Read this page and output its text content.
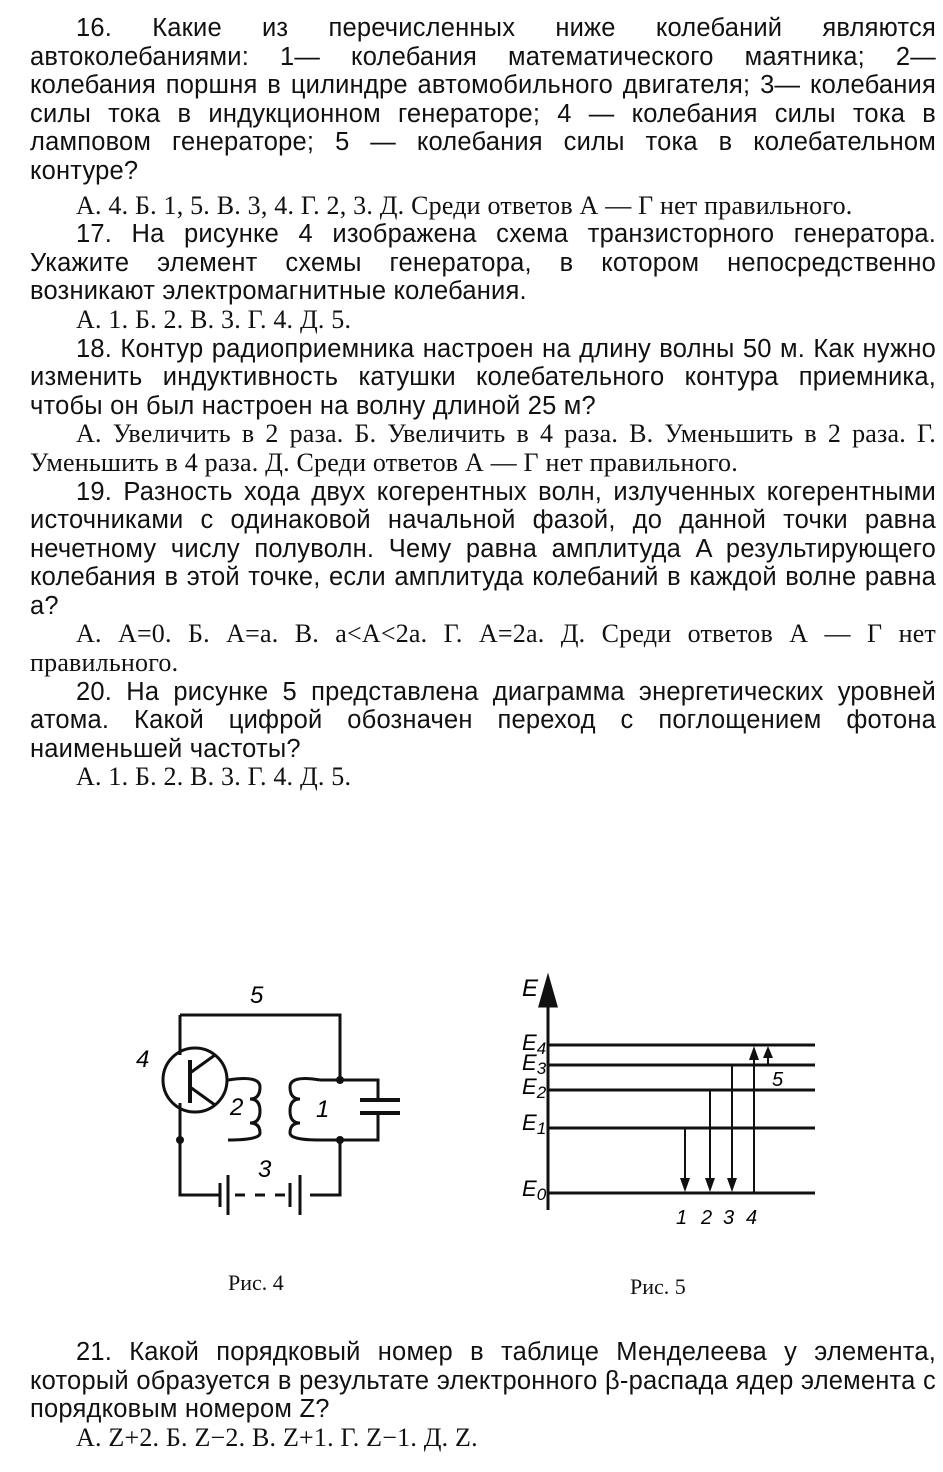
16. Какие из перечисленных ниже колебаний являются автоколебаниями: 1— колебания математического маятника; 2— колебания поршня в цилиндре автомобильного двигателя; 3— колебания силы тока в индукционном генераторе; 4 — колебания силы тока в ламповом генераторе; 5 — колебания силы тока в колебательном контуре?

А. 4. Б. 1, 5. В. 3, 4. Г. 2, 3. Д. Среди ответов А — Г нет правильного.

17. На рисунке 4 изображена схема транзисторного генератора. Укажите элемент схемы генератора, в котором непосредственно возникают электромагнитные колебания.

А. 1. Б. 2. В. 3. Г. 4. Д. 5.

18. Контур радиоприемника настроен на длину волны 50 м. Как нужно изменить индуктивность катушки колебательного контура приемника, чтобы он был настроен на волну длиной 25 м?

А. Увеличить в 2 раза. Б. Увеличить в 4 раза. В. Уменьшить в 2 раза. Г. Уменьшить в 4 раза. Д. Среди ответов А — Г нет правильного.

19. Разность хода двух когерентных волн, излученных когерентными источниками с одинаковой начальной фазой, до данной точки равна нечетному числу полуволн. Чему равна амплитуда A результирующего колебания в этой точке, если амплитуда колебаний в каждой волне равна a?

А. A=0. Б. A=a. В. a<A<2a. Г. A=2a. Д. Среди ответов А — Г нет правильного.

20. На рисунке 5 представлена диаграмма энергетических уровней атома. Какой цифрой обозначен переход с поглощением фотона наименьшей частоты?

А. 1. Б. 2. В. 3. Г. 4. Д. 5.

5
4
2	1
3
Рис. 4
E
E4
E3
E2
E1
E0
1 2 3 4
5
Рис. 5

21. Какой порядковый номер в таблице Менделеева у элемента, который образуется в результате электронного β-распада ядер элемента с порядковым номером Z?

А. Z+2. Б. Z−2. В. Z+1. Г. Z−1. Д. Z.
